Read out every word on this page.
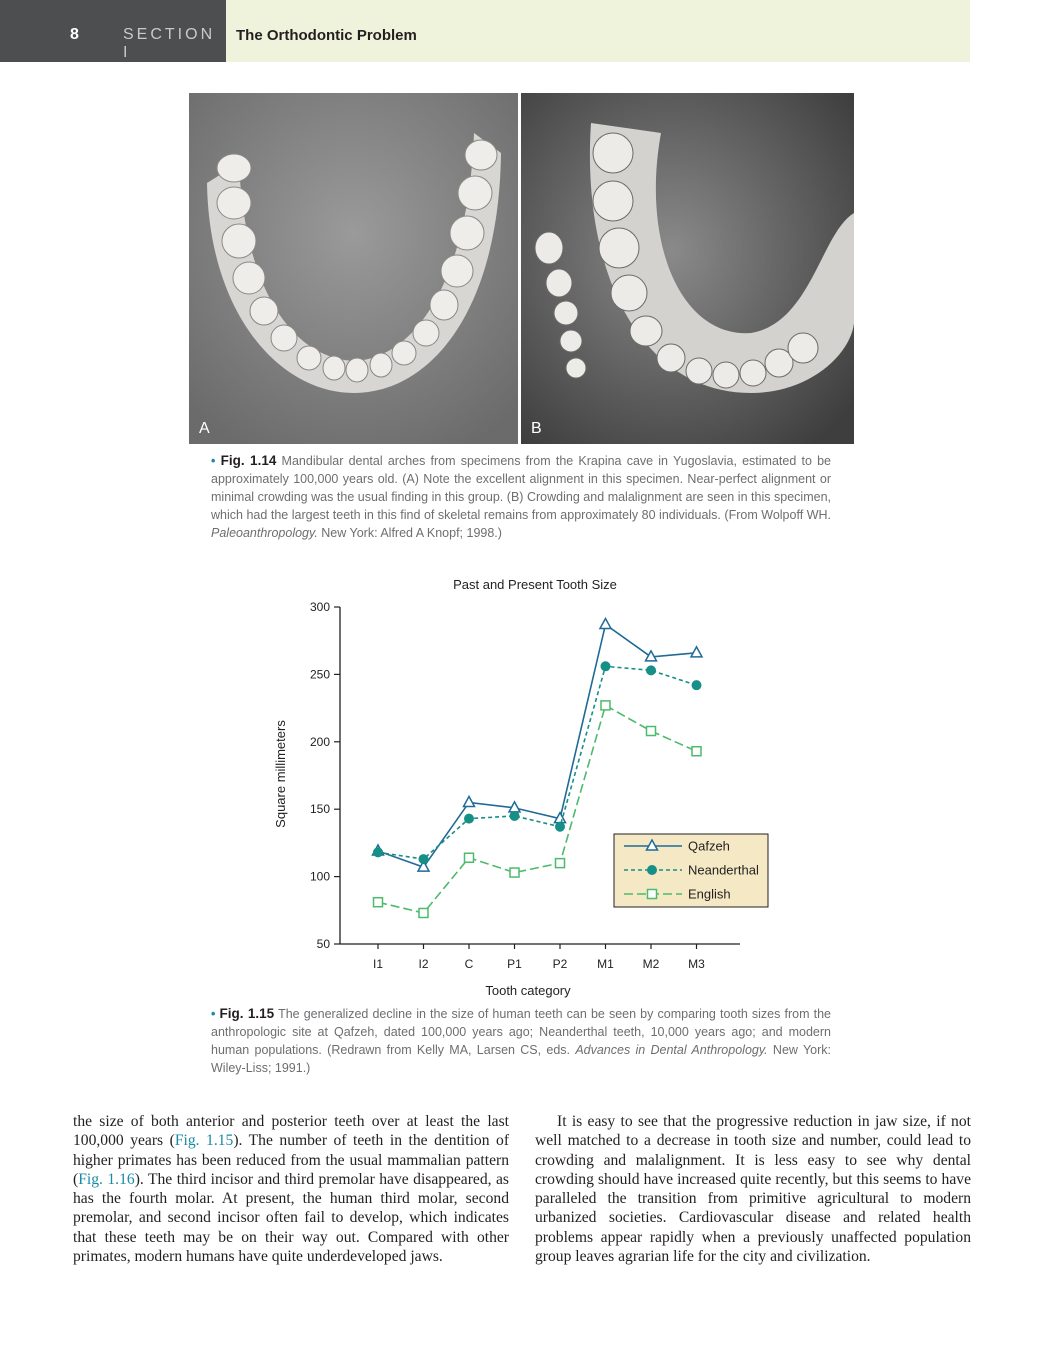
8	SECTION I
The Orthodontic Problem
A	B
• Fig. 1.14 Mandibular dental arches from specimens from the Krapina cave in Yugoslavia, estimated to be approximately 100,000 years old. (A) Note the excellent alignment in this specimen. Near-perfect alignment or minimal crowding was the usual finding in this group. (B) Crowding and malalignment are seen in this specimen, which had the largest teeth in this find of skeletal remains from approximately 80 individuals. (From Wolpoff WH. Paleoanthropology. New York: Alfred A Knopf; 1998.)
Past and Present Tooth Size
Square millimeters
Tooth category
50
100
150
200
250
300
I1	I2	C	P1	P2 M1 M2 M3
Qafzeh
Neanderthal
English
• Fig. 1.15 The generalized decline in the size of human teeth can be seen by comparing tooth sizes from the anthropologic site at Qafzeh, dated 100,000 years ago; Neanderthal teeth, 10,000 years ago; and modern human populations. (Redrawn from Kelly MA, Larsen CS, eds. Advances in Dental Anthropology. New York: Wiley-Liss; 1991.)
the size of both anterior and posterior teeth over at least the last 100,000 years (Fig. 1.15). The number of teeth in the dentition of higher primates has been reduced from the usual mammalian pattern (Fig. 1.16). The third incisor and third premolar have disappeared, as has the fourth molar. At present, the human third molar, second premolar, and second incisor often fail to develop, which indicates that these teeth may be on their way out. Compared with other primates, modern humans have quite underdeveloped jaws.
It is easy to see that the progressive reduction in jaw size, if not well matched to a decrease in tooth size and number, could lead to crowding and malalignment. It is less easy to see why dental crowding should have increased quite recently, but this seems to have paralleled the transition from primitive agricultural to modern urbanized societies. Cardiovascular disease and related health problems appear rapidly when a previously unaffected population group leaves agrarian life for the city and civilization.
